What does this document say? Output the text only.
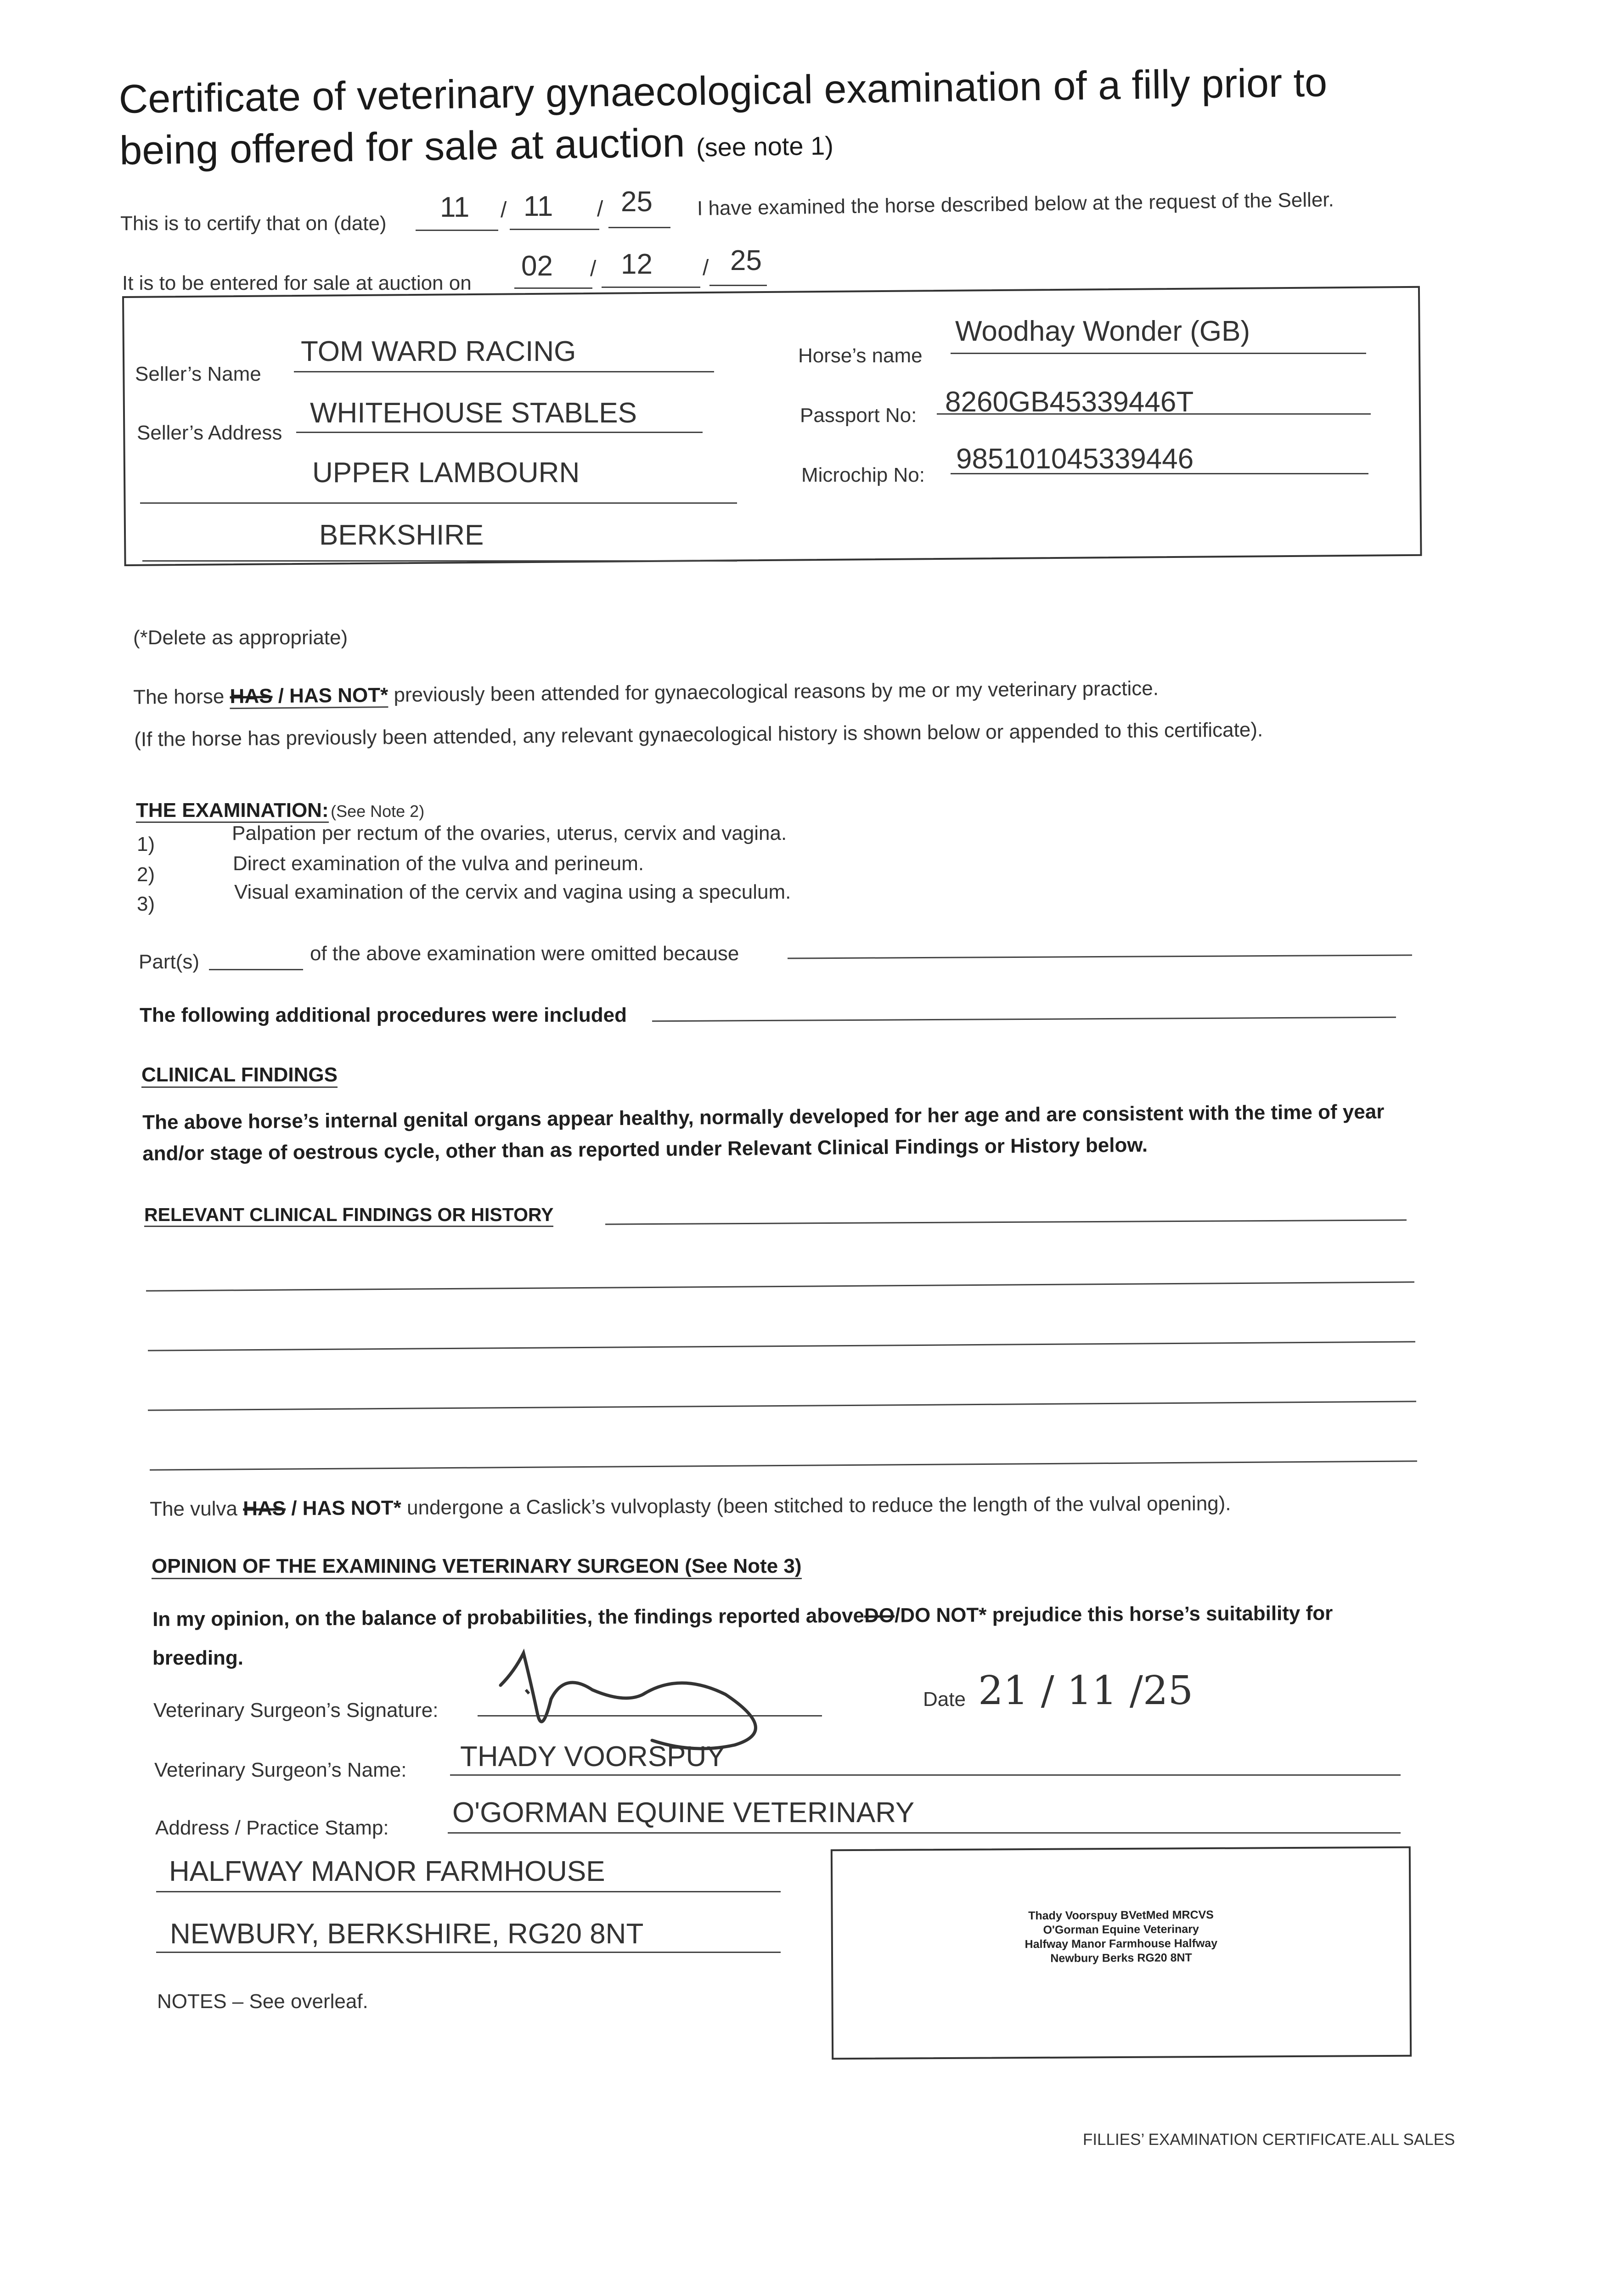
Certificate of veterinary gynaecological examination of a filly prior to
being offered for sale at auction (see note 1)
This is to certify that on (date)
11 / 11 / 25 I have examined the horse described below at the request of the Seller.
It is to be entered for sale at auction on
02 / 12 / 25
Seller’s Name
TOM WARD RACING
Seller’s Address
WHITEHOUSE STABLES
UPPER LAMBOURN
BERKSHIRE
Horse’s name
Woodhay Wonder (GB)
Passport No: 8260GB45339446T
Microchip No:
985101045339446
(*Delete as appropriate)
The horse HAS / HAS NOT* previously been attended for gynaecological reasons by me or my veterinary practice.
(If the horse has previously been attended, any relevant gynaecological history is shown below or appended to this certificate).
THE EXAMINATION: (See Note 2)
1)	Palpation per rectum of the ovaries, uterus, cervix and vagina.
2)	Direct examination of the vulva and perineum.
3)
Visual examination of the cervix and vagina using a speculum.
Part(s)	of the above examination were omitted because
The following additional procedures were included
CLINICAL FINDINGS
The above horse’s internal genital organs appear healthy, normally developed for her age and are consistent with the time of year
and/or stage of oestrous cycle, other than as reported under Relevant Clinical Findings or History below.
RELEVANT CLINICAL FINDINGS OR HISTORY
The vulva HAS / HAS NOT* undergone a Caslick’s vulvoplasty (been stitched to reduce the length of the vulval opening).
OPINION OF THE EXAMINING VETERINARY SURGEON (See Note 3)
In my opinion, on the balance of probabilities, the findings reported aboveDO/DO NOT* prejudice this horse’s suitability for
breeding.
Veterinary Surgeon’s Signature:	Date 21 / 11 /25
Veterinary Surgeon’s Name: THADY VOORSPUY
Address / Practice Stamp: O'GORMAN EQUINE VETERINARY
HALFWAY MANOR FARMHOUSE
NEWBURY, BERKSHIRE, RG20 8NT
Thady Voorspuy BVetMed MRCVS
O'Gorman Equine Veterinary
Halfway Manor Farmhouse Halfway
Newbury Berks RG20 8NT
NOTES – See overleaf.
FILLIES’ EXAMINATION CERTIFICATE.ALL SALES
